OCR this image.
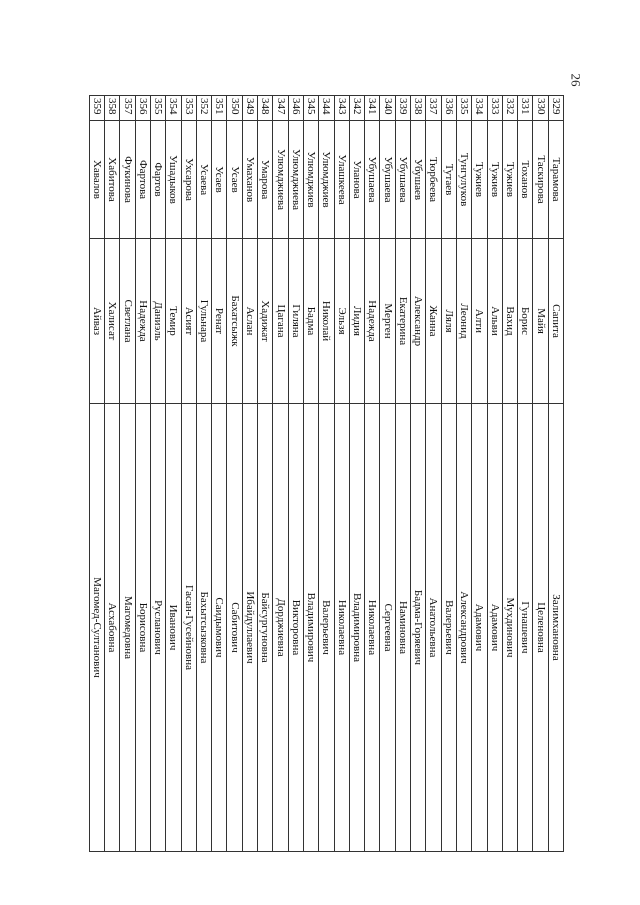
26
329	Тарамова	Сапита	Залимхановна
330	Таскирова	Майя	Целеновна
331	Тоханов	Борис	Гунашевич
332	Тужиев	Вахид	Мухдинович
333	Тужиев	Альви	Адамович
334	Тужиев	Алти	Адамович
335	Тунгулуков	Леонид	Александрович
336	Тутаев	Ляля	Валерьевич
337	Тюрбеева	Жанна	Анатольевна
338	Убушаев	Александр	Бадма-Горяевич
339	Убушаева	Екатерина	Наминовна
340	Убушаева	Мерген	Сергеевна
341	Убушаева	Надежда	Николаевна
342	Уланова	Лидия	Владимировна
343	Улашкеева	Эльзя	Николаевна
344	Улюмджиев	Николай	Валерьевич
345	Улюмджиев	Бадма	Владимирович
346	Улюмджиева	Гиляна	Викторовна
347	Улюмджиева	Цагана	Дорджиевна
348	Умарова	Хадижат	Байсургуновна
349	Умаханов	Аслан	Ибайдуллаевич
350	Усаев	Бахатсыжк	Сабитович
351	Усаев	Ренат	Саидымович
352	Усаева	Гульнара	Бахытсызковна
353	Ухсарова	Асият	Гасан-Гусейновна
354	Ушадыков	Темир	Иванович
355	Фартов	Даниэль	Русланович
356	Фартова	Надежда	Борисовна
357	Фукинова	Светлана	Магомедовна
358	Хабитова	Халисат	Асхабовна
359	Хавалов	Айваз	Магомед-Султанович
